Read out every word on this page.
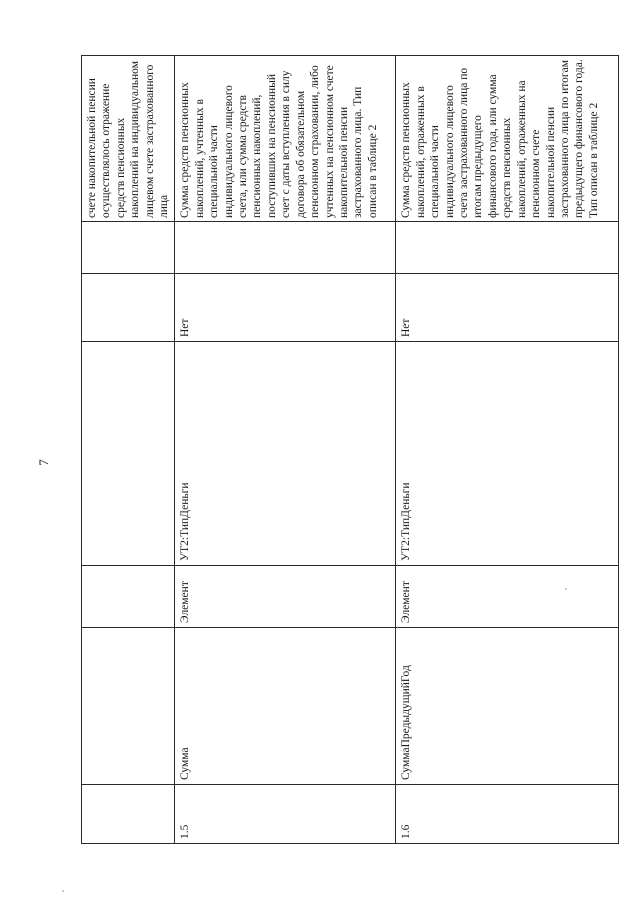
7
						счете накопительной пенсии осуществлялось отражение средств пенсионных накоплений на индивидуальном лицевом счете застрахованного лица
1.5	Сумма	Элемент	УТ2:ТипДеньги	Нет		Сумма средств пенсионных накоплений, учтенных в специальной части индивидуального лицевого счета, или сумма средств пенсионных накоплений, поступивших на пенсионный счет с даты вступления в силу договора об обязательном пенсионном страховании, либо учтенных на пенсионном счете накопительной пенсии застрахованного лица. Тип описан в таблице 2
1.6	СуммаПредыдущийГод	Элемент	УТ2:ТипДеньги	Нет		Сумма средств пенсионных накоплений, отраженных в специальной части индивидуального лицевого счета застрахованного лица по итогам предыдущего финансового года, или сумма средств пенсионных накоплений, отраженных на пенсионном счете накопительной пенсии застрахованного лица по итогам предыдущего финансового года. Тип описан в таблице 2
